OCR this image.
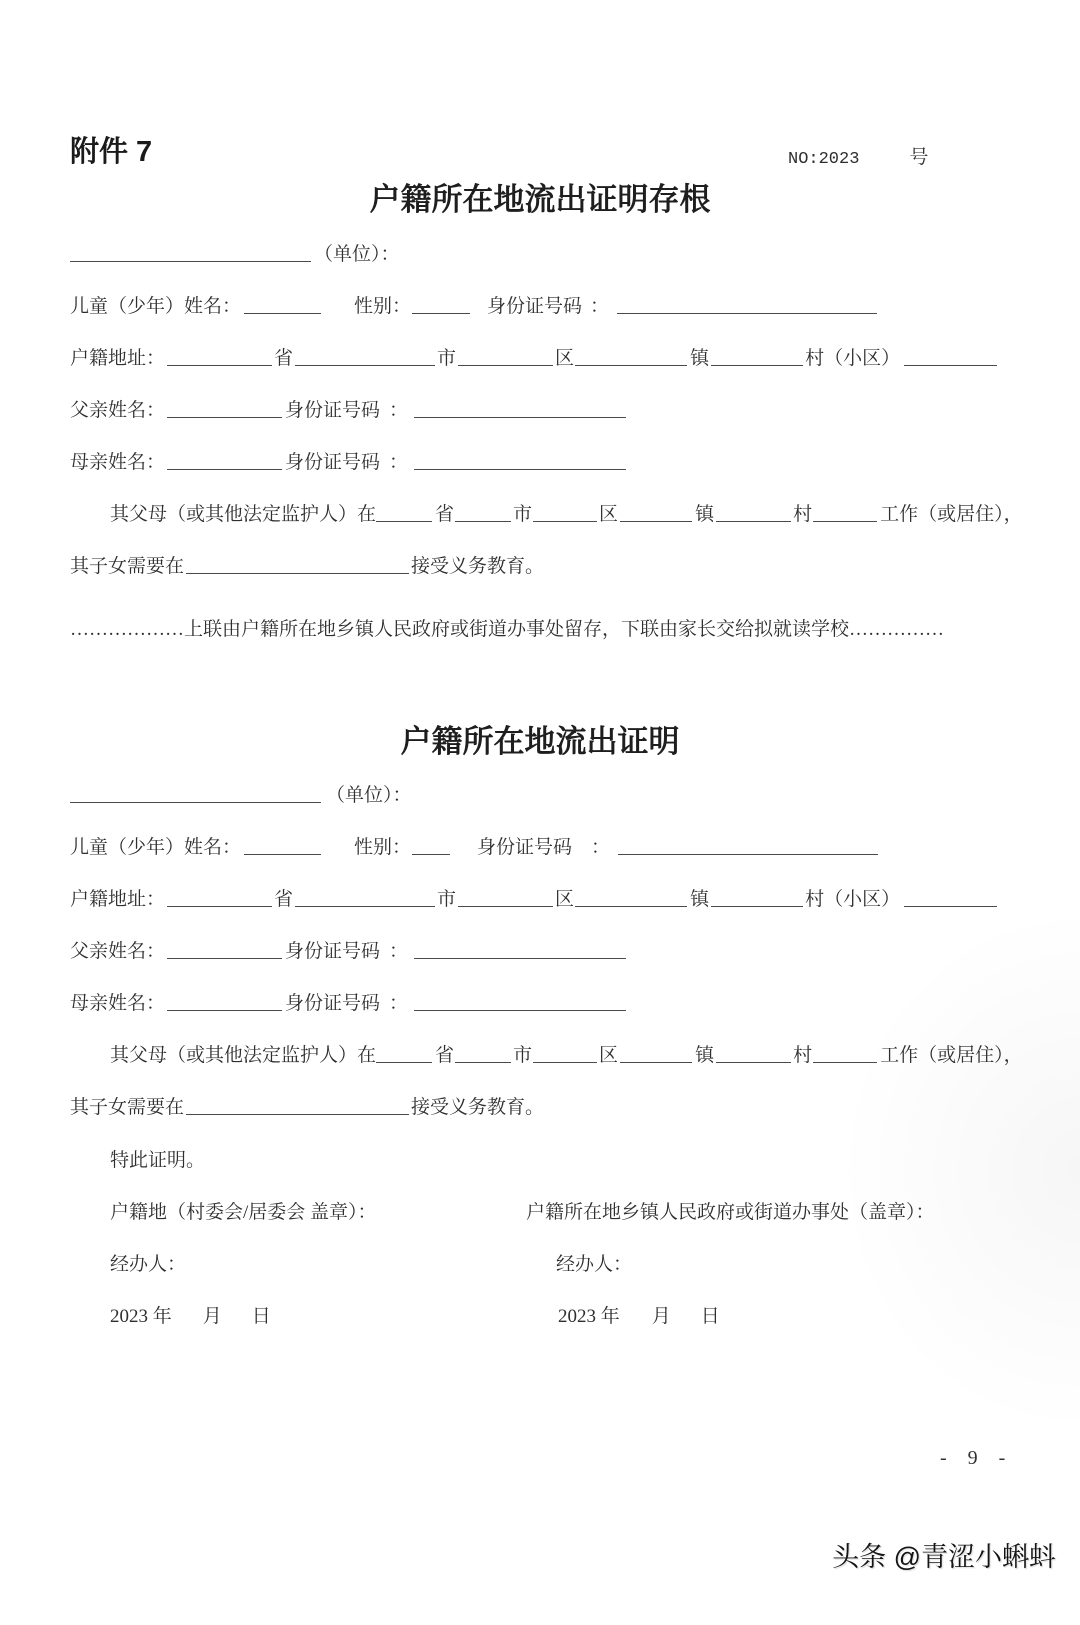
附件 7	NO:2023	号
户籍所在地流出证明存根
（单位）：
儿童（少年）姓名：	性别：	身份证号码 ：
户籍地址：	省	市	区	镇	村（小区）
父亲姓名：	身份证号码 ：
母亲姓名：	身份证号码 ：
其父母（或其他法定监护人）在	省	市	区	镇	村	工作（或居住），
其子女需要在	接受义务教育。
……………… 上联由户籍所在地乡镇人民政府或街道办事处留存，下联由家长交给拟就读学校 ……………
户籍所在地流出证明
（单位）：
儿童（少年）姓名：	性别：	身份证号码 ：
户籍地址：	省	市	区	镇	村（小区）
父亲姓名：	身份证号码 ：
母亲姓名：	身份证号码 ：
其父母（或其他法定监护人）在	省	市	区	镇	村	工作（或居住），
其子女需要在	接受义务教育。
特此证明。
户籍地（村委会/居委会 盖章）：	户籍所在地乡镇人民政府或街道办事处（盖章）：
经办人：	经办人：
2023 年 月 日	2023 年 月 日
- 9 -
头条 @青涩小蝌蚪
